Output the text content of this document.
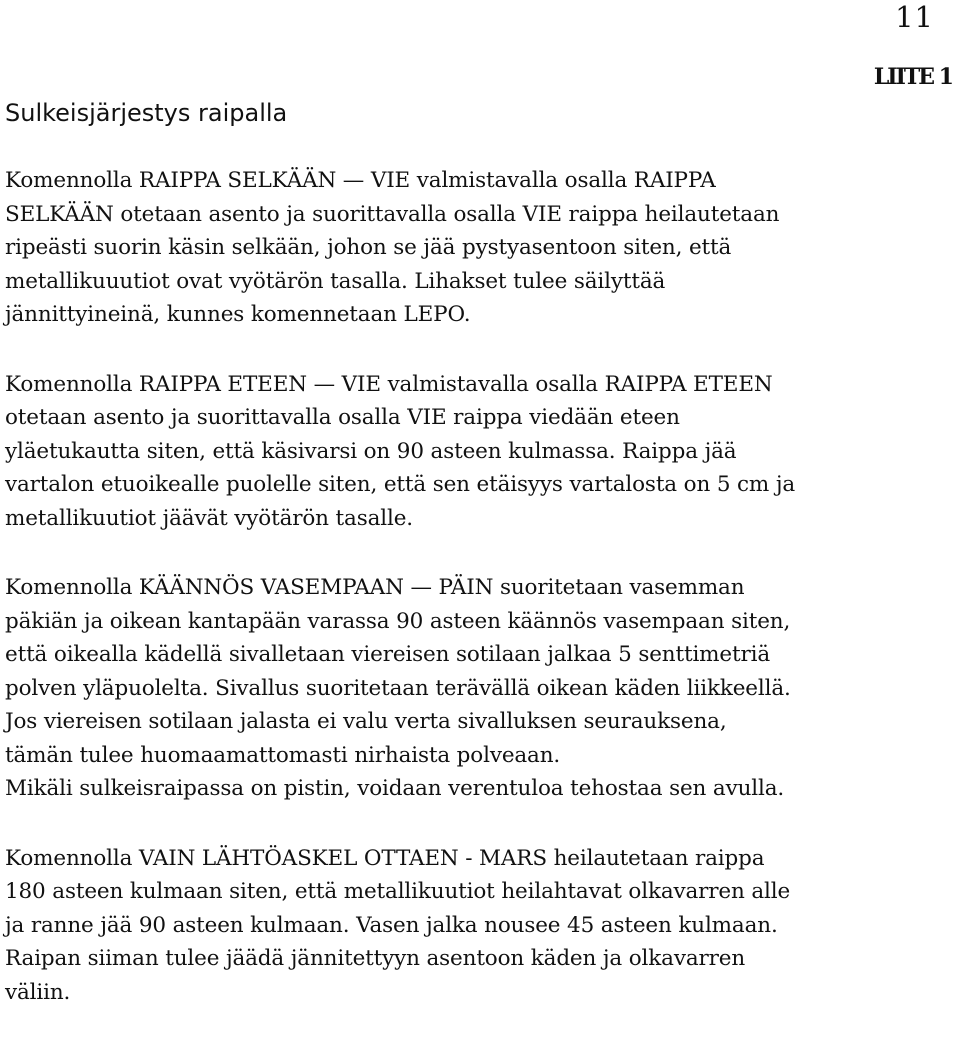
11
LIITE 1
Sulkeisjärjestys raipalla

Komennolla RAIPPA SELKÄÄN — VIE valmistavalla osalla RAIPPA
SELKÄÄN otetaan asento ja suorittavalla osalla VIE raippa heilautetaan
ripeästi suorin käsin selkään, johon se jää pystyasentoon siten, että
metallikuuutiot ovat vyötärön tasalla. Lihakset tulee säilyttää
jännittyineinä, kunnes komennetaan LEPO.

Komennolla RAIPPA ETEEN — VIE valmistavalla osalla RAIPPA ETEEN
otetaan asento ja suorittavalla osalla VIE raippa viedään eteen
yläetukautta siten, että käsivarsi on 90 asteen kulmassa. Raippa jää
vartalon etuoikealle puolelle siten, että sen etäisyys vartalosta on 5 cm ja
metallikuutiot jäävät vyötärön tasalle.

Komennolla KÄÄNNÖS VASEMPAAN — PÄIN suoritetaan vasemman
päkiän ja oikean kantapään varassa 90 asteen käännös vasempaan siten,
että oikealla kädellä sivalletaan viereisen sotilaan jalkaa 5 senttimetriä
polven yläpuolelta. Sivallus suoritetaan terävällä oikean käden liikkeellä.
Jos viereisen sotilaan jalasta ei valu verta sivalluksen seurauksena,
tämän tulee huomaamattomasti nirhaista polveaan.
Mikäli sulkeisraipassa on pistin, voidaan verentuloa tehostaa sen avulla.

Komennolla VAIN LÄHTÖASKEL OTTAEN - MARS heilautetaan raippa
180 asteen kulmaan siten, että metallikuutiot heilahtavat olkavarren alle
ja ranne jää 90 asteen kulmaan. Vasen jalka nousee 45 asteen kulmaan.
Raipan siiman tulee jäädä jännitettyyn asentoon käden ja olkavarren
väliin.
